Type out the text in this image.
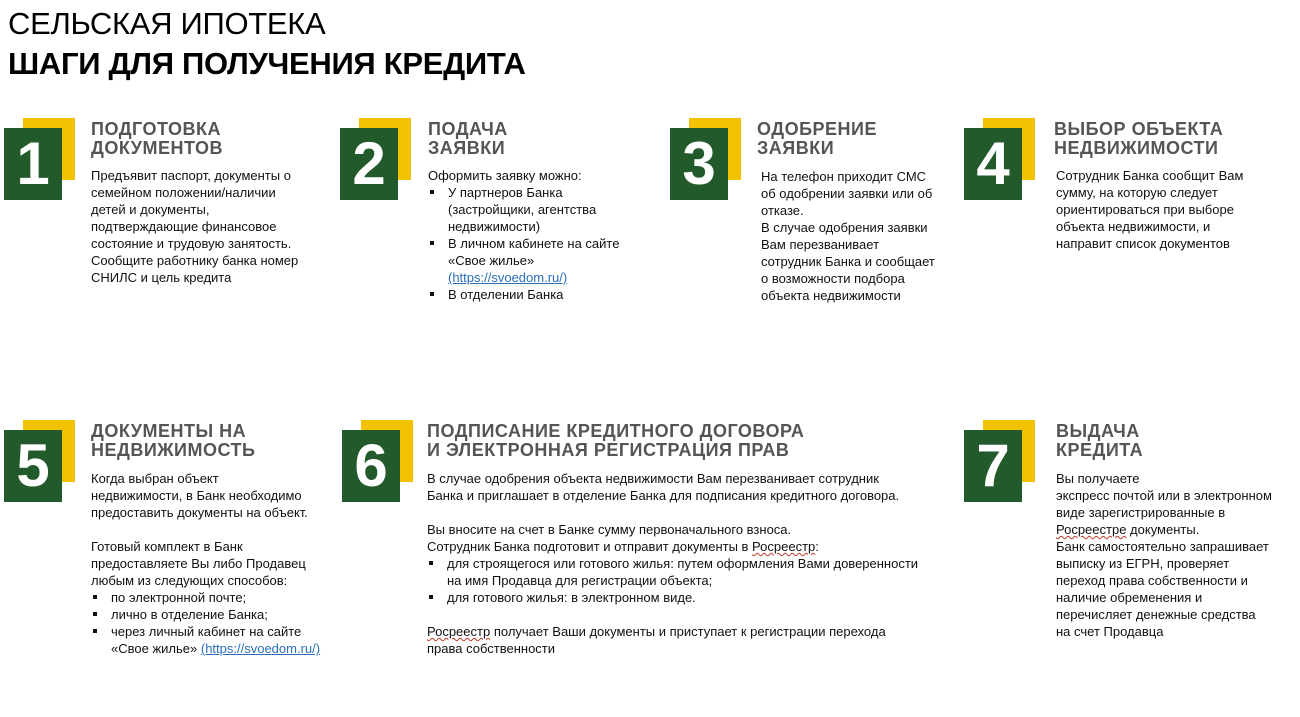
СЕЛЬСКАЯ ИПОТЕКА
ШАГИ ДЛЯ ПОЛУЧЕНИЯ КРЕДИТА
1
ПОДГОТОВКА
ДОКУМЕНТОВ
Предъявит паспорт, документы о
семейном положении/наличии
детей и документы,
подтверждающие финансовое
состояние и трудовую занятость.
Сообщите работнику банка номер
СНИЛС и цель кредита
2
ПОДАЧА
ЗАЯВКИ
Оформить заявку можно:
У партнеров Банка
(застройщики, агентства
недвижимости)
В личном кабинете на сайте
«Свое жилье»
(https://svoedom.ru/)
В отделении Банка
3
ОДОБРЕНИЕ
ЗАЯВКИ
На телефон приходит СМС
об одобрении заявки или об
отказе.
В случае одобрения заявки
Вам перезванивает
сотрудник Банка и сообщает
о возможности подбора
объекта недвижимости
4
ВЫБОР ОБЪЕКТА
НЕДВИЖИМОСТИ
Сотрудник Банка сообщит Вам
сумму, на которую следует
ориентироваться при выборе
объекта недвижимости, и
направит список документов
5
ДОКУМЕНТЫ НА
НЕДВИЖИМОСТЬ
Когда выбран объект
недвижимости, в Банк необходимо
предоставить документы на объект.
Готовый комплект в Банк
предоставляете Вы либо Продавец
любым из следующих способов:
по электронной почте;
лично в отделение Банка;
через личный кабинет на сайте
«Свое жилье» (https://svoedom.ru/)
6
ПОДПИСАНИЕ КРЕДИТНОГО ДОГОВОРА
И ЭЛЕКТРОННАЯ РЕГИСТРАЦИЯ ПРАВ
В случае одобрения объекта недвижимости Вам перезванивает сотрудник
Банка и приглашает в отделение Банка для подписания кредитного договора.
Вы вносите на счет в Банке сумму первоначального взноса.
Сотрудник Банка подготовит и отправит документы в Росреестр:
для строящегося или готового жилья: путем оформления Вами доверенности
на имя Продавца для регистрации объекта;
для готового жилья: в электронном виде.
Росреестр получает Ваши документы и приступает к регистрации перехода
права собственности
7
ВЫДАЧА
КРЕДИТА
Вы получаете
экспресс почтой или в электронном
виде зарегистрированные в
Росреестре документы.
Банк самостоятельно запрашивает
выписку из ЕГРН, проверяет
переход права собственности и
наличие обременения и
перечисляет денежные средства
на счет Продавца
